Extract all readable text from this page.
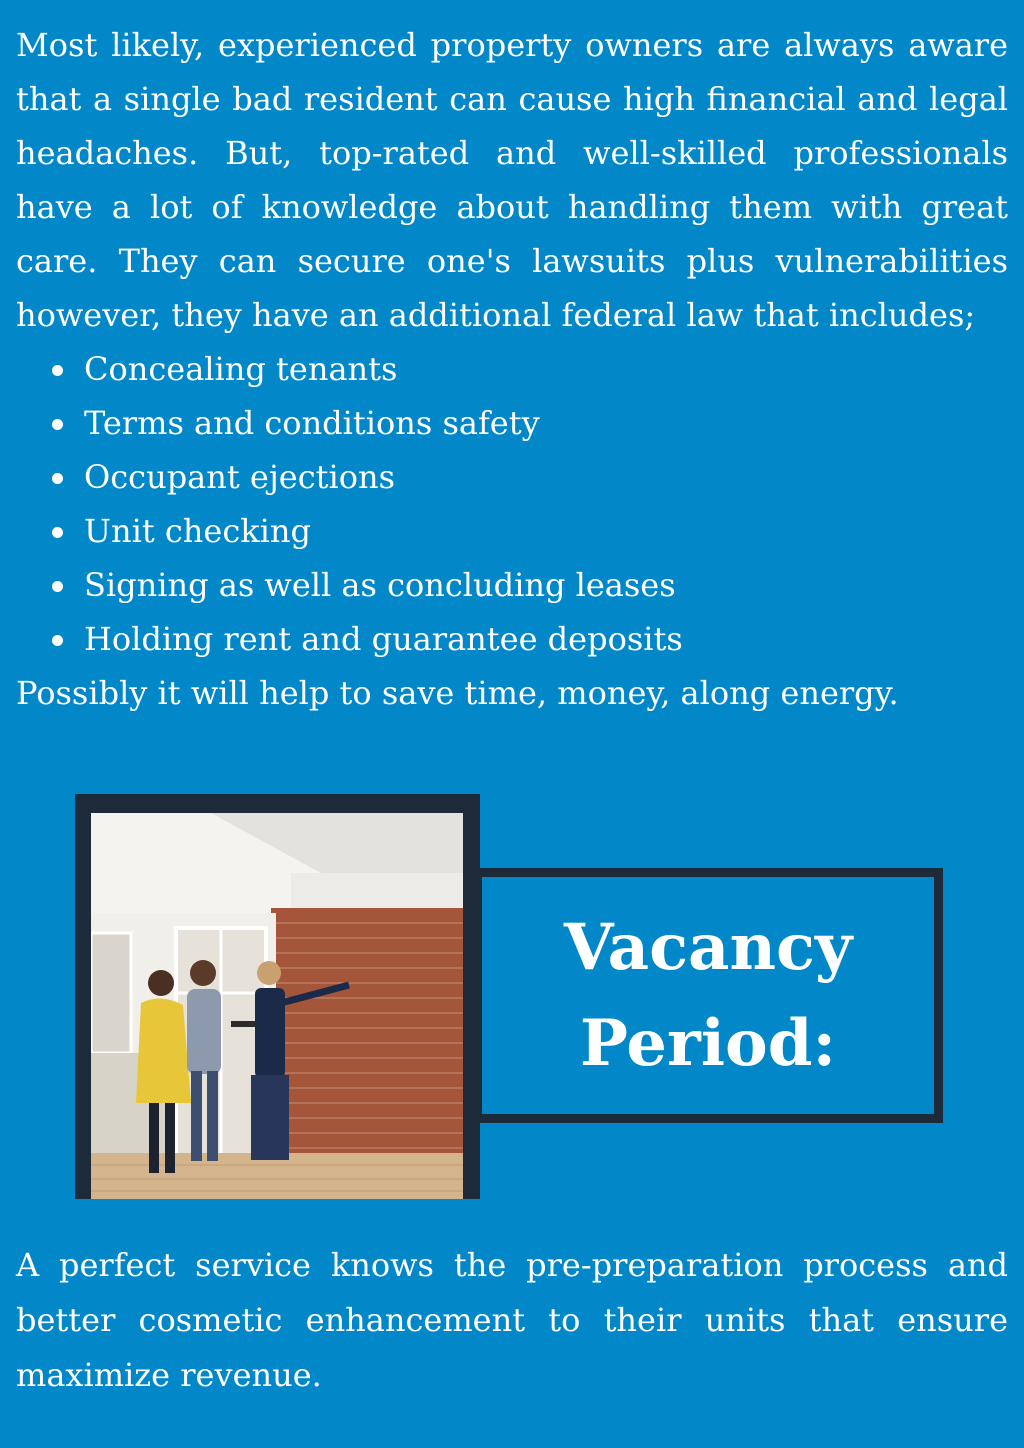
Most likely, experienced property owners are always aware that a single bad resident can cause high financial and legal headaches. But, top-rated and well-skilled professionals have a lot of knowledge about handling them with great care. They can secure one's lawsuits plus vulnerabilities however, they have an additional federal law that includes;
Concealing tenants
Terms and conditions safety
Occupant ejections
Unit checking
Signing as well as concluding leases
Holding rent and guarantee deposits
Possibly it will help to save time, money, along energy.
Vacancy
Period:
A perfect service knows the pre-preparation process and better cosmetic enhancement to their units that ensure maximize revenue.
